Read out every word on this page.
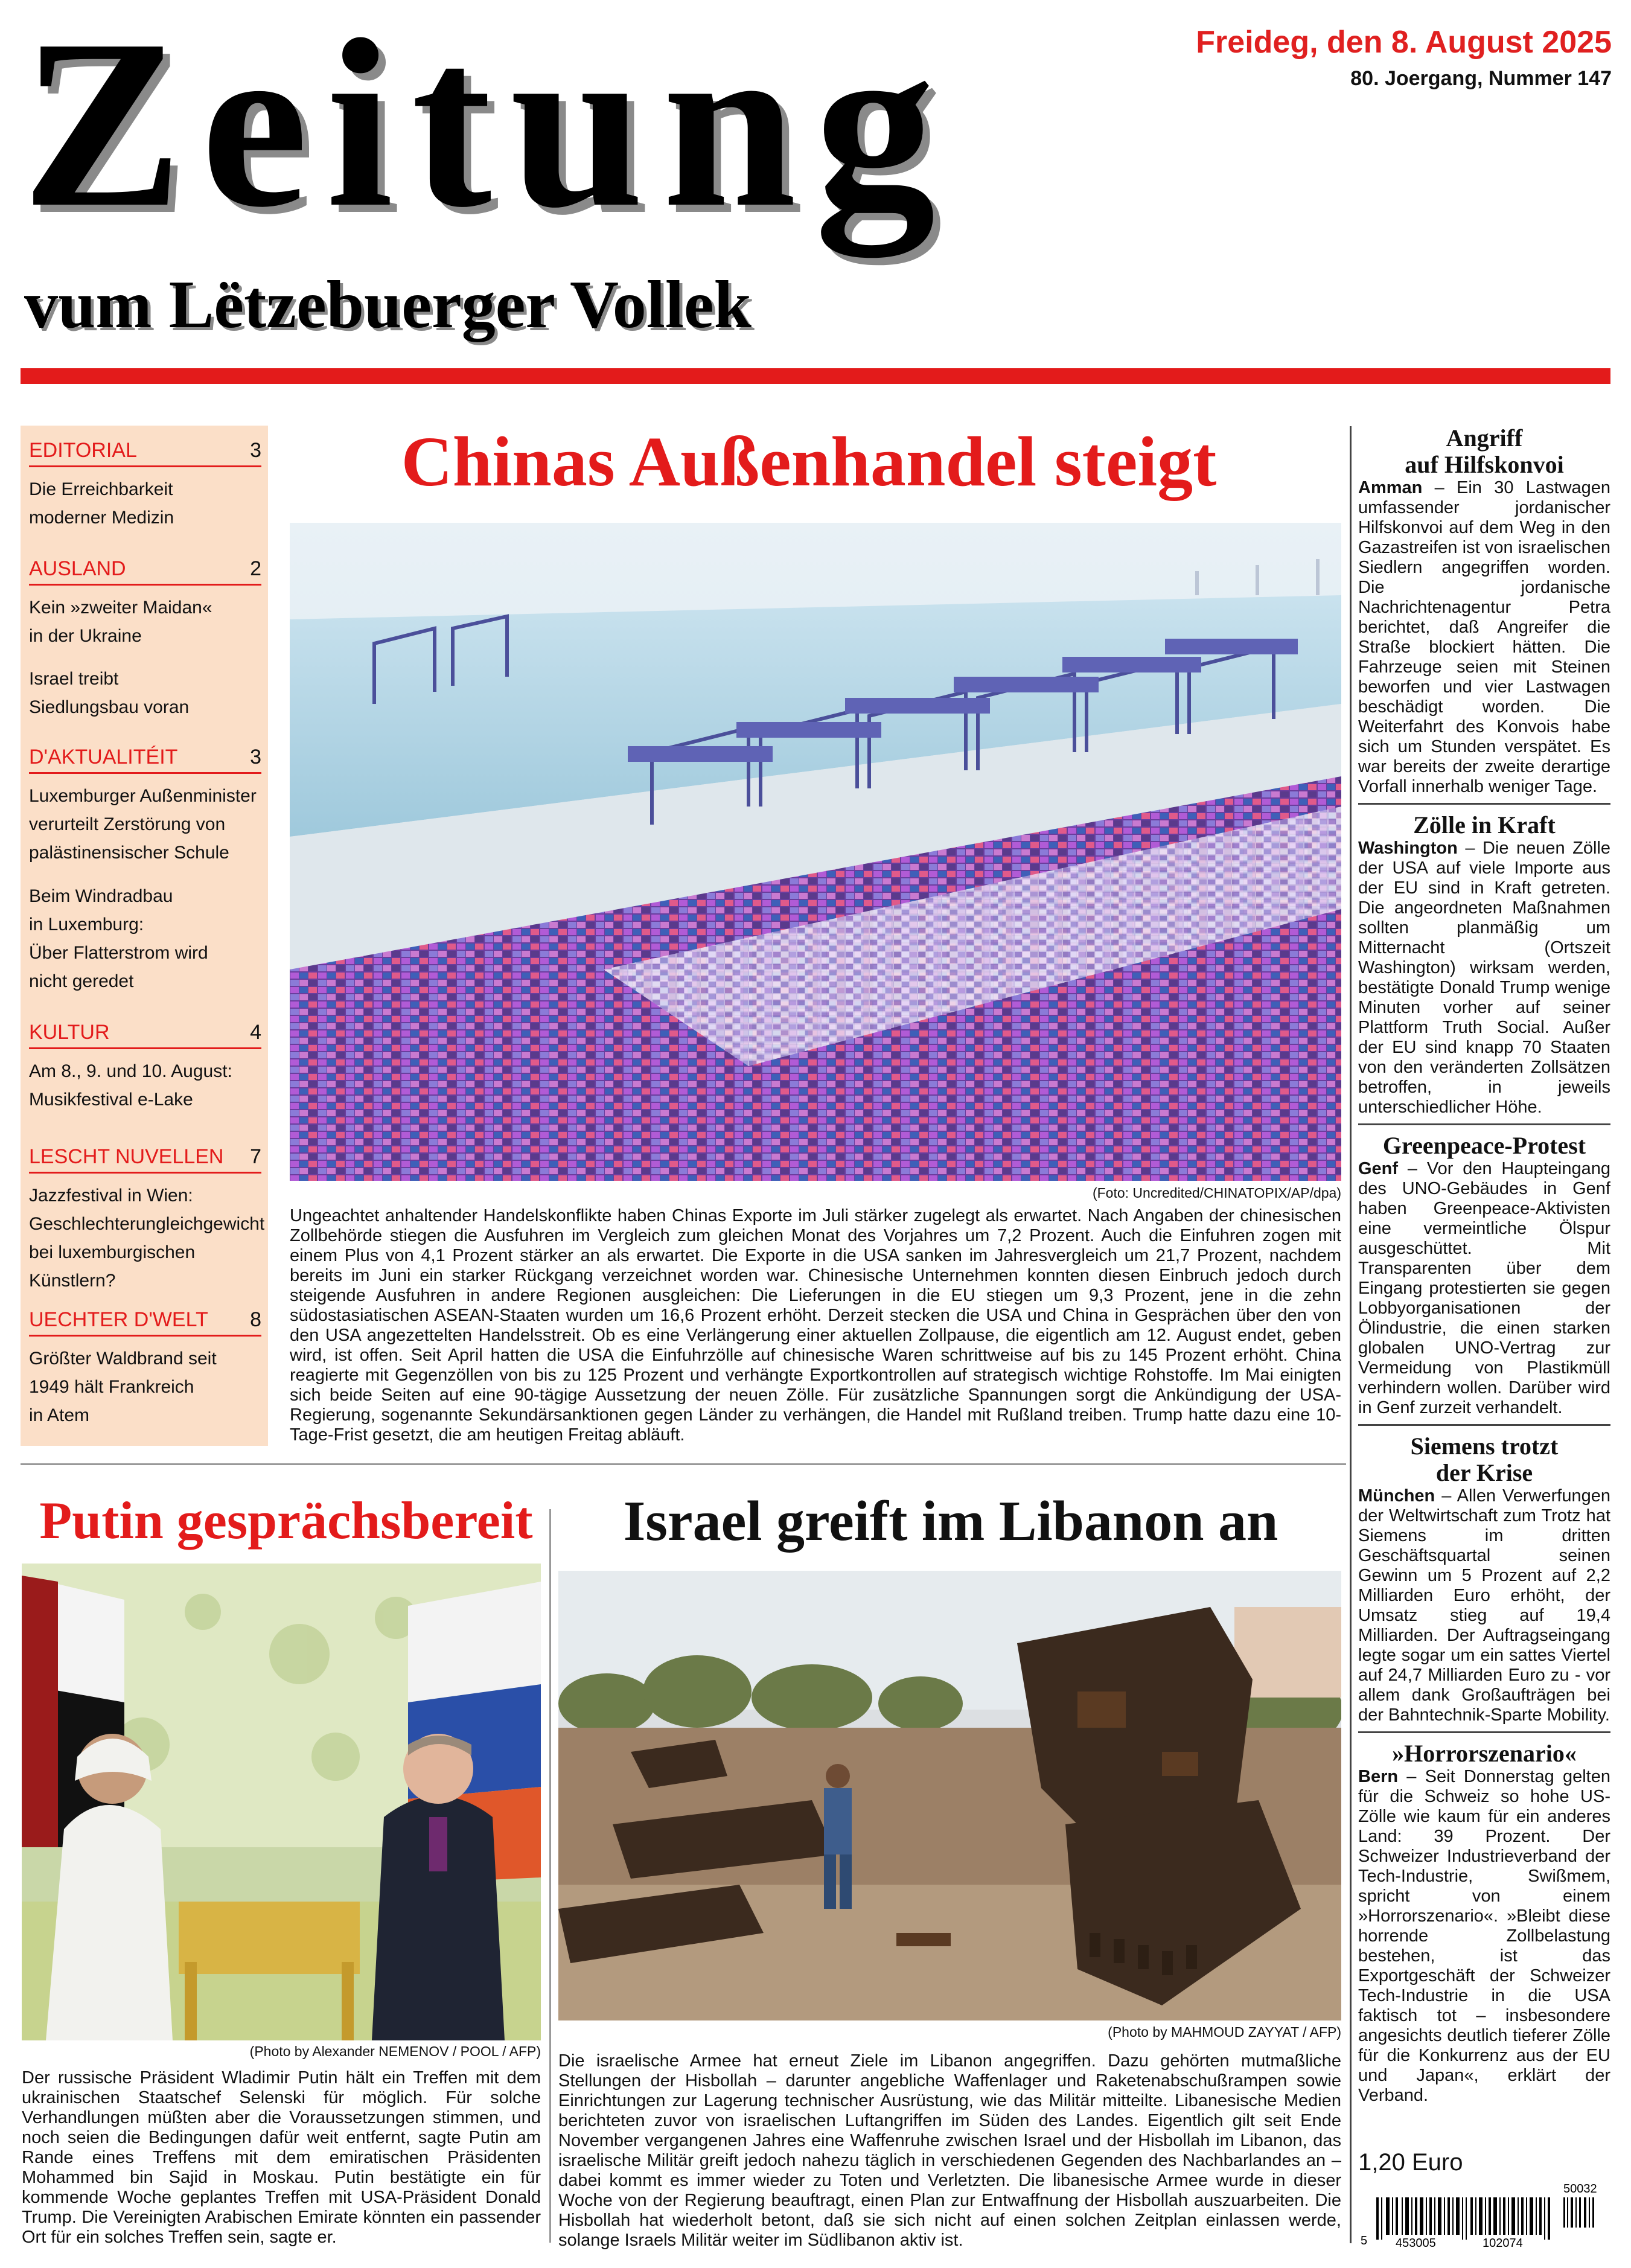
Zeitung
vum Lëtzebuerger Vollek
Freideg, den 8. August 2025
80. Joergang, Nummer 147
EDITORIAL	3
Die Erreichbarkeit
moderner Medizin
AUSLAND	2
Kein »zweiter Maidan«
in der Ukraine
Israel treibt
Siedlungsbau voran
D'AKTUALITÉIT	3
Luxemburger Außenminister
verurteilt Zerstörung von
palästinensischer Schule
Beim Windradbau
in Luxemburg:
Über Flatterstrom wird
nicht geredet
KULTUR	4
Am 8., 9. und 10. August:
Musikfestival e-Lake
LESCHT NUVELLEN 7
Jazzfestival in Wien:
Geschlechterungleichgewicht
bei luxemburgischen
Künstlern?
UECHTER D'WELT 8
Größter Waldbrand seit
1949 hält Frankreich
in Atem
Chinas Außenhandel steigt
(Foto: Uncredited/CHINATOPIX/AP/dpa)
Ungeachtet anhaltender Handelskonflikte haben Chinas Exporte im Juli stärker zugelegt als erwartet. Nach Angaben der chinesischen Zollbehörde stiegen die Ausfuhren im Vergleich zum gleichen Monat des Vorjahres um 7,2 Prozent. Auch die Einfuhren zogen mit einem Plus von 4,1 Prozent stärker an als erwartet. Die Exporte in die USA sanken im Jahresvergleich um 21,7 Prozent, nachdem bereits im Juni ein starker Rückgang verzeichnet worden war. Chinesische Unternehmen konnten diesen Einbruch jedoch durch steigende Ausfuhren in andere Regionen ausgleichen: Die Lieferungen in die EU stiegen um 9,3 Prozent, jene in die zehn südostasiatischen ASEAN-Staaten wurden um 16,6 Prozent erhöht. Derzeit stecken die USA und China in Gesprächen über den von den USA angezettelten Handelsstreit. Ob es eine Verlängerung einer aktuellen Zollpause, die eigentlich am 12. August endet, geben wird, ist offen. Seit April hatten die USA die Einfuhrzölle auf chinesische Waren schrittweise auf bis zu 145 Prozent erhöht. China reagierte mit Gegenzöllen von bis zu 125 Prozent und verhängte Exportkontrollen auf strategisch wichtige Rohstoffe. Im Mai einigten sich beide Seiten auf eine 90-tägige Aussetzung der neuen Zölle. Für zusätzliche Spannungen sorgt die Ankündigung der USA-Regierung, sogenannte Sekundärsanktionen gegen Länder zu verhängen, die Handel mit Rußland treiben. Trump hatte dazu eine 10-Tage-Frist gesetzt, die am heutigen Freitag abläuft.
Angriff
auf Hilfskonvoi
Amman – Ein 30 Lastwagen umfassender jordanischer Hilfskonvoi auf dem Weg in den Gazastreifen ist von israelischen Siedlern angegriffen worden. Die jordanische Nachrichtenagentur Petra berichtet, daß Angreifer die Straße blockiert hätten. Die Fahrzeuge seien mit Steinen beworfen und vier Lastwagen beschädigt worden. Die Weiterfahrt des Konvois habe sich um Stunden verspätet. Es war bereits der zweite derartige Vorfall innerhalb weniger Tage.
Zölle in Kraft
Washington – Die neuen Zölle der USA auf viele Importe aus der EU sind in Kraft getreten. Die angeordneten Maßnahmen sollten planmäßig um Mitternacht (Ortszeit Washington) wirksam werden, bestätigte Donald Trump wenige Minuten vorher auf seiner Plattform Truth Social. Außer der EU sind knapp 70 Staaten von den veränderten Zollsätzen betroffen, in jeweils unterschiedlicher Höhe.
Greenpeace-Protest
Genf – Vor den Haupteingang des UNO-Gebäudes in Genf haben Greenpeace-Aktivisten eine vermeintliche Ölspur ausgeschüttet. Mit Transparenten über dem Eingang protestierten sie gegen Lobbyorganisationen der Ölindustrie, die einen starken globalen UNO-Vertrag zur Vermeidung von Plastikmüll verhindern wollen. Darüber wird in Genf zurzeit verhandelt.
Siemens trotzt
der Krise
München – Allen Verwerfungen der Weltwirtschaft zum Trotz hat Siemens im dritten Geschäftsquartal seinen Gewinn um 5 Prozent auf 2,2 Milliarden Euro erhöht, der Umsatz stieg auf 19,4 Milliarden. Der Auftragseingang legte sogar um ein sattes Viertel auf 24,7 Milliarden Euro zu - vor allem dank Großaufträgen bei der Bahntechnik-Sparte Mobility.
»Horrorszenario«
Bern – Seit Donnerstag gelten für die Schweiz so hohe US-Zölle wie kaum für ein anderes Land: 39 Prozent. Der Schweizer Industrieverband der Tech-Industrie, Swißmem, spricht von einem »Horrorszenario«. »Bleibt diese horrende Zollbelastung bestehen, ist das Exportgeschäft der Schweizer Tech-Industrie in die USA faktisch tot – insbesondere angesichts deutlich tieferer Zölle für die Konkurrenz aus der EU und Japan«, erklärt der Verband.
1,20 Euro
50032
5 453005	102074
Putin gesprächsbereit
(Photo by Alexander NEMENOV / POOL / AFP)
Der russische Präsident Wladimir Putin hält ein Treffen mit dem ukrainischen Staatschef Selenski für möglich. Für solche Verhandlungen müßten aber die Voraussetzungen stimmen, und noch seien die Bedingungen dafür weit entfernt, sagte Putin am Rande eines Treffens mit dem emiratischen Präsidenten Mohammed bin Sajid in Moskau. Putin bestätigte ein für kommende Woche geplantes Treffen mit USA-Präsident Donald Trump. Die Vereinigten Arabischen Emirate könnten ein passender Ort für ein solches Treffen sein, sagte er.
Israel greift im Libanon an
(Photo by MAHMOUD ZAYYAT / AFP)
Die israelische Armee hat erneut Ziele im Libanon angegriffen. Dazu gehörten mutmaßliche Stellungen der Hisbollah – darunter angebliche Waffenlager und Raketenabschußrampen sowie Einrichtungen zur Lagerung technischer Ausrüstung, wie das Militär mitteilte. Libanesische Medien berichteten zuvor von israelischen Luftangriffen im Süden des Landes. Eigentlich gilt seit Ende November vergangenen Jahres eine Waffenruhe zwischen Israel und der Hisbollah im Libanon, das israelische Militär greift jedoch nahezu täglich in verschiedenen Gegenden des Nachbarlandes an – dabei kommt es immer wieder zu Toten und Verletzten. Die libanesische Armee wurde in dieser Woche von der Regierung beauftragt, einen Plan zur Entwaffnung der Hisbollah auszuarbeiten. Die Hisbollah hat wiederholt betont, daß sie sich nicht auf einen solchen Zeitplan einlassen werde, solange Israels Militär weiter im Südlibanon aktiv ist.
